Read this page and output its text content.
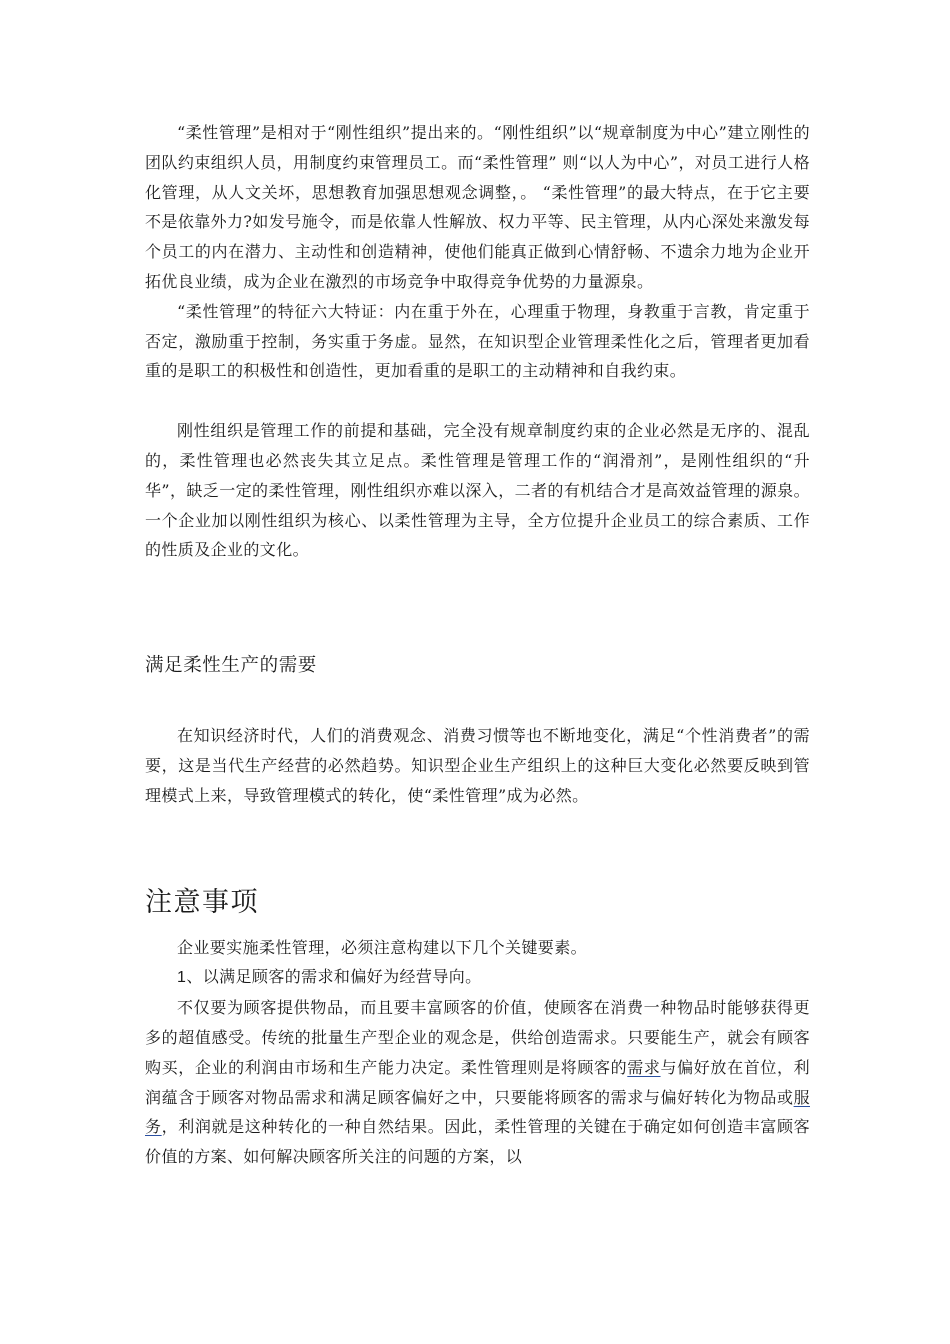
“柔性管理”是相对于“刚性组织”提出来的。“刚性组织”以“规章制度为中心”建立刚性的团队约束组织人员，用制度约束管理员工。而“柔性管理” 则“以人为中心”，对员工进行人格化管理，从人文关坏，思想教育加强思想观念调整，。 “柔性管理”的最大特点，在于它主要不是依靠外力?如发号施令，而是依靠人性解放、权力平等、民主管理，从内心深处来激发每个员工的内在潜力、主动性和创造精神，使他们能真正做到心情舒畅、不遗余力地为企业开拓优良业绩，成为企业在激烈的市场竞争中取得竞争优势的力量源泉。

“柔性管理”的特征六大特证：内在重于外在，心理重于物理，身教重于言教，肯定重于否定，激励重于控制，务实重于务虚。显然，在知识型企业管理柔性化之后，管理者更加看重的是职工的积极性和创造性，更加看重的是职工的主动精神和自我约束。

刚性组织是管理工作的前提和基础，完全没有规章制度约束的企业必然是无序的、混乱的，柔性管理也必然丧失其立足点。柔性管理是管理工作的“润滑剂”，是刚性组织的“升华”，缺乏一定的柔性管理，刚性组织亦难以深入，二者的有机结合才是高效益管理的源泉。一个企业加以刚性组织为核心、以柔性管理为主导，全方位提升企业员工的综合素质、工作的性质及企业的文化。

满足柔性生产的需要

在知识经济时代，人们的消费观念、消费习惯等也不断地变化，满足“个性消费者”的需要，这是当代生产经营的必然趋势。知识型企业生产组织上的这种巨大变化必然要反映到管理模式上来，导致管理模式的转化，使“柔性管理”成为必然。

注意事项

企业要实施柔性管理，必须注意构建以下几个关键要素。

1、以满足顾客的需求和偏好为经营导向。

不仅要为顾客提供物品，而且要丰富顾客的价值，使顾客在消费一种物品时能够获得更多的超值感受。传统的批量生产型企业的观念是，供给创造需求。只要能生产，就会有顾客购买，企业的利润由市场和生产能力决定。柔性管理则是将顾客的需求与偏好放在首位，利润蕴含于顾客对物品需求和满足顾客偏好之中，只要能将顾客的需求与偏好转化为物品或服务，利润就是这种转化的一种自然结果。因此，柔性管理的关键在于确定如何创造丰富顾客价值的方案、如何解决顾客所关注的问题的方案，以
